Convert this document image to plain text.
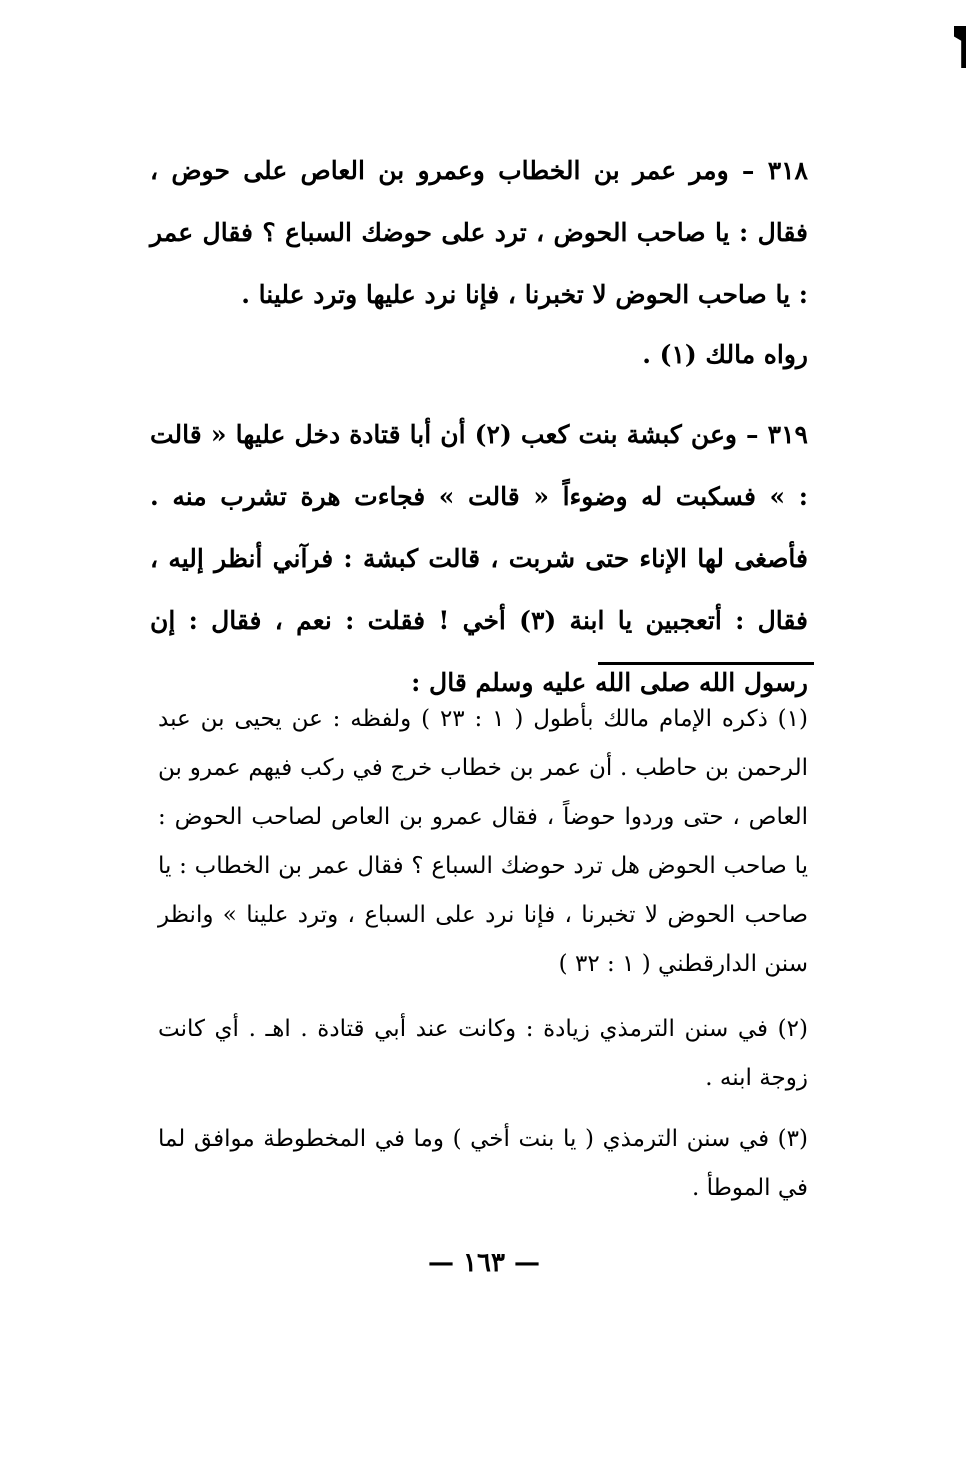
٣١٨ – ومر عمر بن الخطاب وعمرو بن العاص على حوض ، فقال : يا صاحب الحوض ، ترد على حوضك السباع ؟ فقال عمر : يا صاحب الحوض لا تخبرنا ، فإنا نرد عليها وترد علينا .
رواه مالك (١) .
٣١٩ – وعن كبشة بنت كعب (٢) أن أبا قتادة دخل عليها « قالت : » فسكبت له وضوءاً « قالت » فجاءت هرة تشرب منه . فأصغى لها الإناء حتى شربت ، قالت كبشة : فرآني أنظر إليه ، فقال : أتعجبين يا ابنة (٣) أخي ! فقلت : نعم ، فقال : إن رسول الله صلى الله عليه وسلم قال :
(١) ذكره الإمام مالك بأطول ( ١ : ٢٣ ) ولفظه : عن يحيى بن عبد الرحمن بن حاطب . أن عمر بن خطاب خرج في ركب فيهم عمرو بن العاص ، حتى وردوا حوضاً ، فقال عمرو بن العاص لصاحب الحوض : يا صاحب الحوض هل ترد حوضك السباع ؟ فقال عمر بن الخطاب : يا صاحب الحوض لا تخبرنا ، فإنا نرد على السباع ، وترد علينا » وانظر سنن الدارقطني ( ١ : ٣٢ )
(٢) في سنن الترمذي زيادة : وكانت عند أبي قتادة . اهـ . أي كانت زوجة ابنه .
(٣) في سنن الترمذي ( يا بنت أخي ) وما في المخطوطة موافق لما في الموطأ .
— ١٦٣ —
